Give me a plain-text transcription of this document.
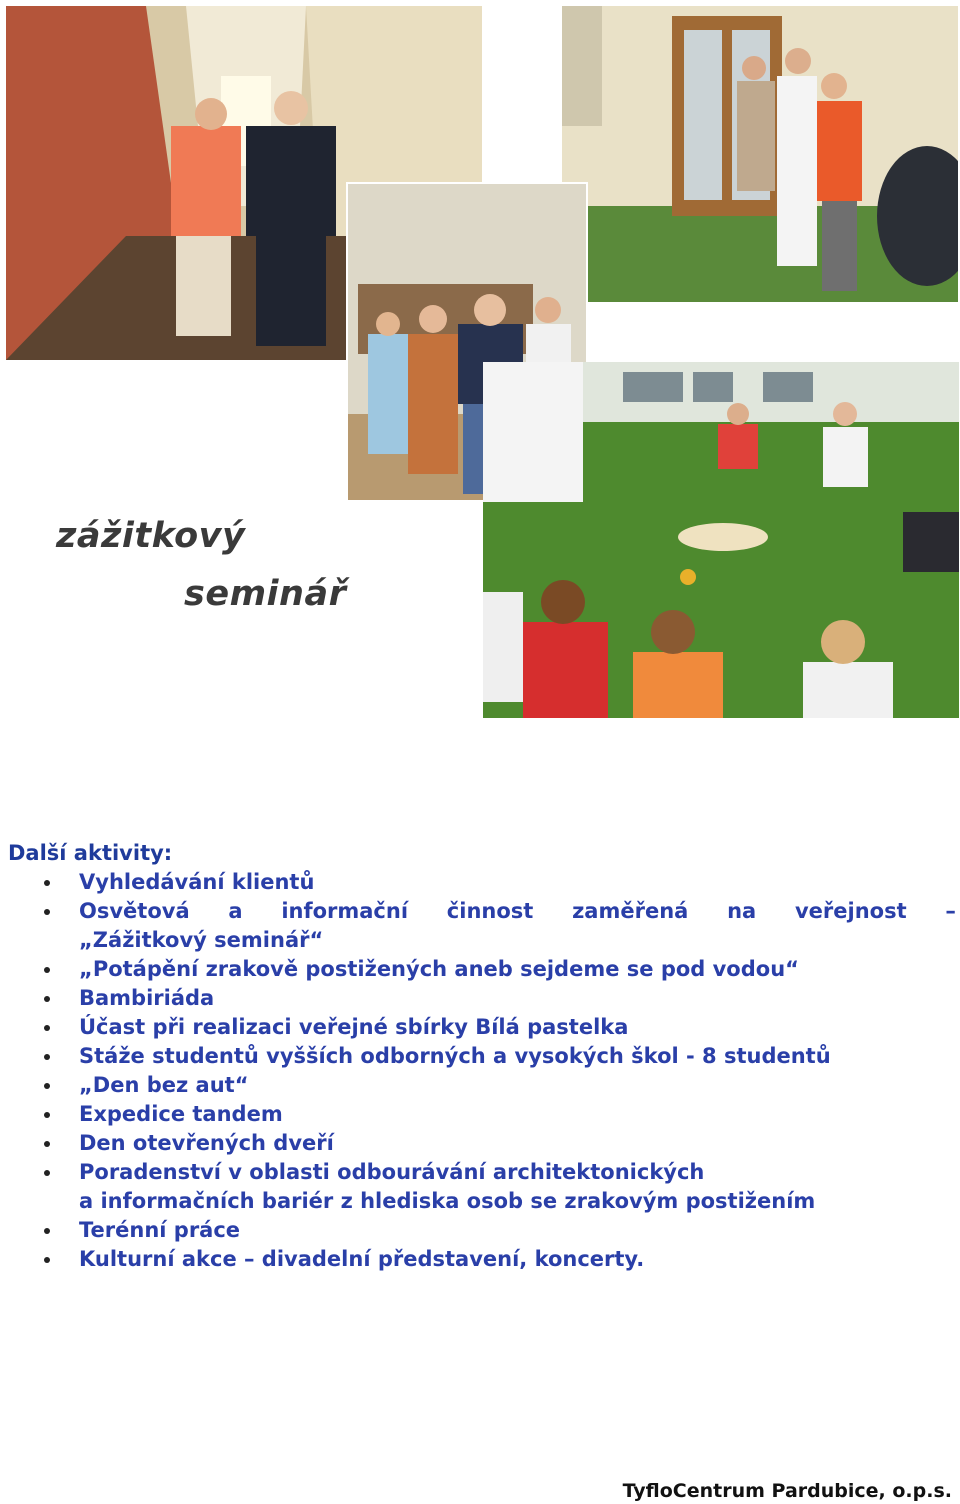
zážitkový
seminář
Další aktivity:
Vyhledávání klientů
Osvětová a informační činnost zaměřená na veřejnost –
„Zážitkový seminář“
„Potápění zrakově postižených aneb sejdeme se pod vodou“
Bambiriáda
Účast při realizaci veřejné sbírky Bílá pastelka
Stáže studentů vyšších odborných a vysokých škol - 8 studentů
„Den bez aut“
Expedice tandem
Den otevřených dveří
Poradenství v oblasti odbourávání architektonických
a informačních bariér z hlediska osob se zrakovým postižením
Terénní práce
Kulturní akce – divadelní představení, koncerty.
TyfloCentrum Pardubice, o.p.s.
